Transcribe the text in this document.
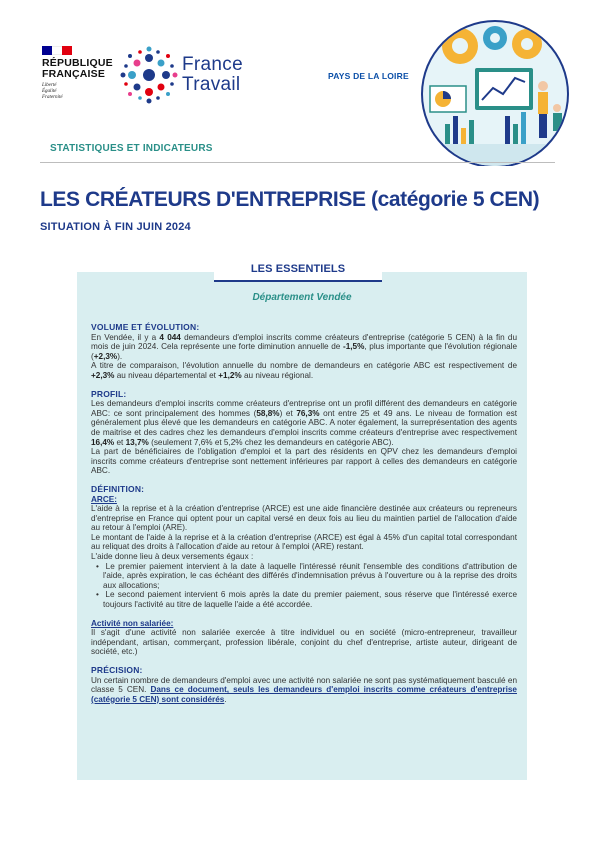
RÉPUBLIQUE
FRANÇAISE
Liberté
Égalité
Fraternité
France
Travail	PAYS DE LA LOIRE
STATISTIQUES ET INDICATEURS
LES CRÉATEURS D'ENTREPRISE (catégorie 5 CEN)
SITUATION À FIN JUIN 2024
LES ESSENTIELS
Département Vendée
VOLUME ET ÉVOLUTION:

En Vendée, il y a 4 044 demandeurs d'emploi inscrits comme créateurs d'entreprise (catégorie 5 CEN) à la fin du mois de juin 2024. Cela représente une forte diminution annuelle de -1,5%, plus importante que l'évolution régionale (+2,3%).

A titre de comparaison, l'évolution annuelle du nombre de demandeurs en catégorie ABC est respectivement de +2,3% au niveau départemental et +1,2% au niveau régional.

PROFIL:

Les demandeurs d'emploi inscrits comme créateurs d'entreprise ont un profil différent des demandeurs en catégorie ABC: ce sont principalement des hommes (58,8%) et 76,3% ont entre 25 et 49 ans. Le niveau de formation est généralement plus élevé que les demandeurs en catégorie ABC. A noter également, la surreprésentation des agents de maitrise et des cadres chez les demandeurs d'emploi inscrits comme créateurs d'entreprise avec respectivement 16,4% et 13,7% (seulement 7,6% et 5,2% chez les demandeurs en catégorie ABC).

La part de bénéficiaires de l'obligation d'emploi et la part des résidents en QPV chez les demandeurs d'emploi inscrits comme créateurs d'entreprise sont nettement inférieures par rapport à celles des demandeurs en catégorie ABC.

DÉFINITION:
ARCE:

L'aide à la reprise et à la création d'entreprise (ARCE) est une aide financière destinée aux créateurs ou repreneurs d'entreprise en France qui optent pour un capital versé en deux fois au lieu du maintien partiel de l'allocation d'aide au retour à l'emploi (ARE).

Le montant de l'aide à la reprise et à la création d'entreprise (ARCE) est égal à 45% d'un capital total correspondant au reliquat des droits à l'allocation d'aide au retour à l'emploi (ARE) restant.

L'aide donne lieu à deux versements égaux :

•  Le premier paiement intervient à la date à laquelle l'intéressé réunit l'ensemble des conditions d'attribution de l'aide, après expiration, le cas échéant des différés d'indemnisation prévus à l'ouverture ou à la reprise des droits aux allocations;

•  Le second paiement intervient 6 mois après la date du premier paiement, sous réserve que l'intéressé exerce toujours l'activité au titre de laquelle l'aide a été accordée.

Activité non salariée:

Il s'agit d'une activité non salariée exercée à titre individuel ou en société (micro-entrepreneur, travailleur indépendant, artisan, commerçant, profession libérale, conjoint du chef d'entreprise, artiste auteur, dirigeant de société, etc.)

PRÉCISION:

Un certain nombre de demandeurs d'emploi avec une activité non salariée ne sont pas systématiquement basculé en classe 5 CEN. Dans ce document, seuls les demandeurs d'emploi inscrits comme créateurs d'entreprise (catégorie 5 CEN) sont considérés.
